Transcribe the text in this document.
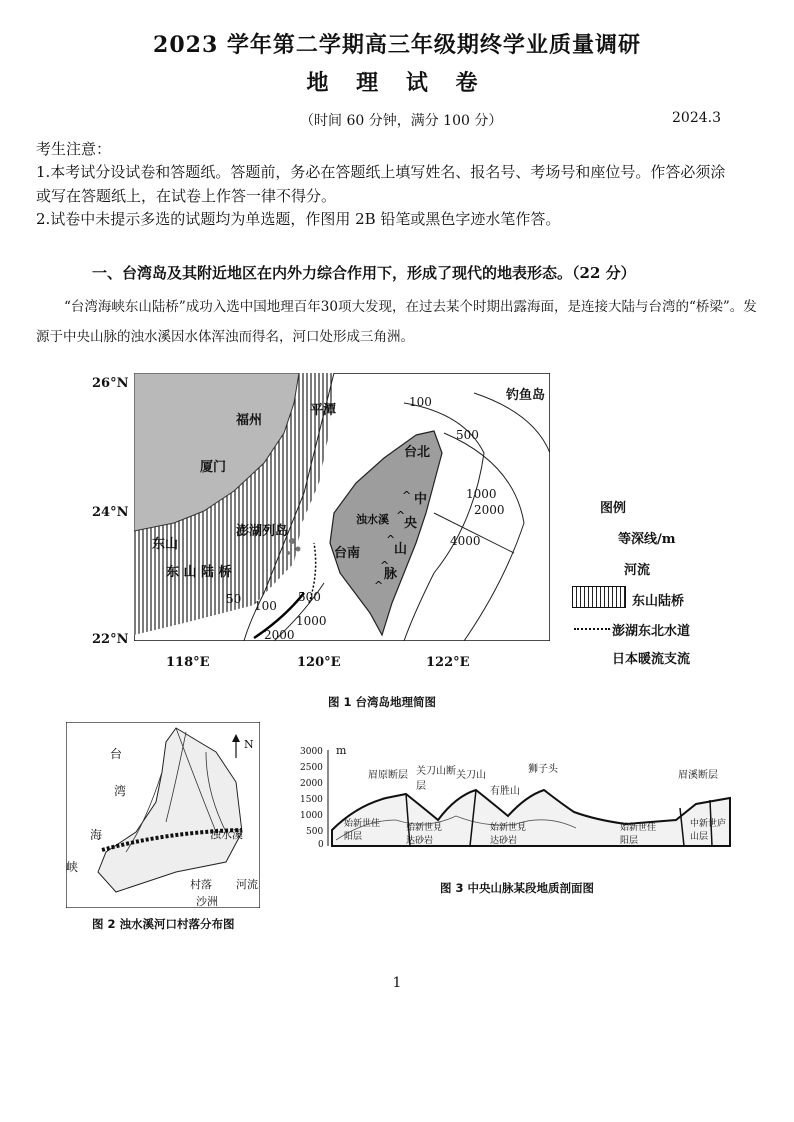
2023 学年第二学期高三年级期终学业质量调研
地 理 试 卷
（时间 60 分钟，满分 100 分）	2024.3
考生注意：
1.本考试分设试卷和答题纸。答题前，务必在答题纸上填写姓名、报名号、考场号和座位号。作答必须涂或写在答题纸上，在试卷上作答一律不得分。
2.试卷中未提示多选的试题均为单选题，作图用 2B 铅笔或黑色字迹水笔作答。
一、台湾岛及其附近地区在内外力综合作用下，形成了现代的地表形态。（22 分）
“台湾海峡东山陆桥”成功入选中国地理百年30项大发现，在过去某个时期出露海面，是连接大陆与台湾的“桥梁”。发源于中央山脉的浊水溪因水体浑浊而得名，河口处形成三角洲。
26°N
24°N
22°N
118°E	120°E	122°E
^
^
^
^
^
福州
平潭
厦门
澎湖列岛
东山
东 山 陆 桥
台北
台南
浊水溪
钓鱼岛
中
央
山
脉
100
500
1000
2000
4000
50 100
500
2000
1000
图例
等深线/m
河流
东山陆桥
澎湖东北水道
日本暖流支流
图 1 台湾岛地理简图
台
湾
海
峡
N
浊水溪
村落 河流
沙洲
图 2 浊水溪河口村落分布图
m
3000
2500
2000
1500
1000
500
0
眉原断层 关刀山断层
关刀山
狮子头
有胜山
眉溪断层
始新世佳阳层
始新世見达砂岩
始新世見达砂岩
始新世佳阳层
中新世庐山层
图 3 中央山脉某段地质剖面图
1
